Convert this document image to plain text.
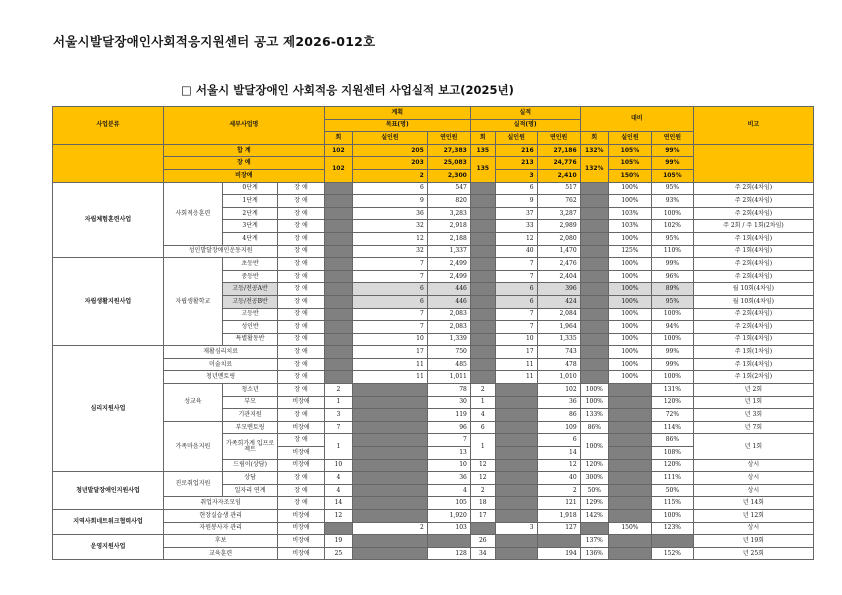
서울시발달장애인사회적응지원센터 공고 제2026-012호
□ 서울시 발달장애인 사회적응 지원센터 사업실적 보고(2025년)
사업분류	세부사업명			계획			실적			대비			비고
				목표(명)			실적(명)						
				회	실인원	연인원	회	실인원	연인원	회	실인원	연인원	
	합 계			102	205	27,383	135	216	27,186	132%	105%	99%	
	장 애			102	203	25,083	135	213	24,776	132%	105%	99%	
	비장애				2	2,300		3	2,410		150%	105%	
자립체험훈련사업	사회적응훈련	0단계	장 애		6	547		6	517		100%	95%	주 2회(4차임)
		1단계	장 애		9	820		9	762		100%	93%	주 2회(4차임)
		2단계	장 애		36	3,283		37	3,287		103%	100%	주 2회(4차임)
		3단계	장 애		32	2,918		33	2,989		103%	102%	주 2회 / 주 1회(2차임)
		4단계	장 애		12	2,188		12	2,080		100%	95%	주 1회(4차임)
	성인발달장애인운동지원		장 애		32	1,337		40	1,470		125%	110%	주 1회(4차임)
자립생활지원사업	자립생활학교	초등반	장 애		7	2,499		7	2,476		100%	99%	주 2회(4차임)
		중등반	장 애		7	2,499		7	2,404		100%	96%	주 2회(4차임)
		고등/전공A반	장 애		6	446		6	396		100%	89%	월 10회(4차임)
		고등/전공B반	장 애		6	446		6	424		100%	95%	월 10회(4차임)
		고등반	장 애		7	2,083		7	2,084		100%	100%	주 2회(4차임)
		성인반	장 애		7	2,083		7	1,964		100%	94%	주 2회(4차임)
		특별활동반	장 애		10	1,339		10	1,335		100%	100%	주 1회(4차임)
심리지원사업	재활심리치료		장 애		17	750		17	743		100%	99%	주 1회(1차임)
	미술치료		장 애		11	485		11	478		100%	99%	주 1회(4차임)
	청년멘토링		장 애		11	1,011		11	1,010		100%	100%	주 1회(2차임)
	성교육	청소년	장 애	2		78	2		102	100%		131%	년 2회
		부모	비장애	1		30	1		36	100%		120%	년 1회
		기관지원	장 애	3		119	4		86	133%		72%	년 3회
	가족마음지원	부모멘토링	비장애	7		96	6		109	86%		114%	년 7회
		가족희가계 입프로젝트	장 애	1		7	1		6	100%		86%	년 1회
			비장애			13			14			108%	
		드림이(상담)	비장애	10		10	12		12	120%		120%	상시
청년발달장애인지원사업	진로취업지원	상담	장 애	4		36	12		40	300%		111%	상시
		일자리 연계	장 애	4		4	2		2	50%		50%	상시
	취업자자조모임		장 애	14		105	18		121	129%		115%	년 14회
지역사회네트워크협력사업	현장실습생 관리		비장애	12		1,920	17		1,918	142%		100%	년 12회
	자원봉사자 관리		비장애		2	103		3	127		150%	123%	상시
운영지원사업	후보		비장애	19			26			137%			년 19회
	교육훈련		비장애	25		128	34		194	136%		152%	년 25회
